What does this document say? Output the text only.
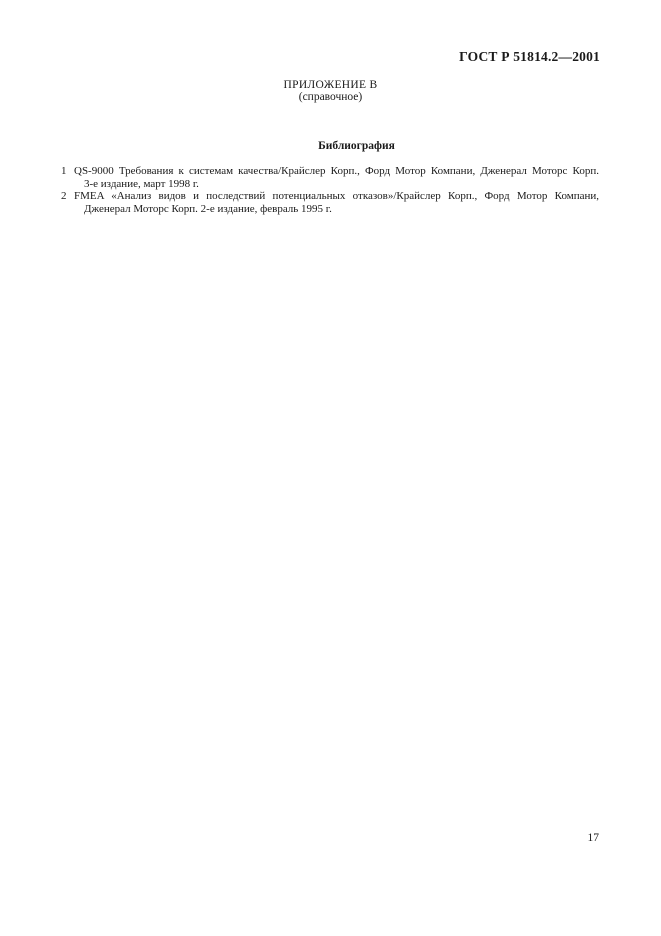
ГОСТ Р 51814.2—2001
ПРИЛОЖЕНИЕ В
(справочное)
Библиография
1 QS-9000 Требования к системам качества/Крайслер Корп., Форд Мотор Компани, Дженерал Моторс Корп.
3-е издание, март 1998 г.
2 FMEA «Анализ видов и последствий потенциальных отказов»/Крайслер Корп., Форд Мотор Компани,
Дженерал Моторс Корп. 2-е издание, февраль 1995 г.
17
